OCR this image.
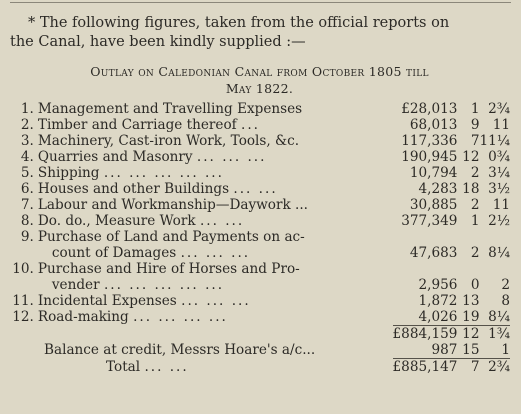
* The following figures, taken from the official reports on
the Canal, have been kindly supplied :—

Outlay on Caledonian Canal from October 1805 till
May 1822.
1.	Management and Travelling Expenses	£28,013	1	2¾
2.	Timber and Carriage thereof ...	68,013	9	11
3.	Machinery, Cast-iron Work, Tools, &c.	117,336	7	11¼
4.	Quarries and Masonry ... ... ...	190,945	12	0¾
5.	Shipping ... ... ... ... ...	10,794	2	3¼
6.	Houses and other Buildings ... ...	4,283	18	3½
7.	Labour and Workmanship—Daywork ...	30,885	2	11
8.	Do. do., Measure Work ... ...	377,349	1	2½
9.	Purchase of Land and Payments on ac-			
	count of Damages ... ... ...	47,683	2	8¼
10.	Purchase and Hire of Horses and Pro-			
	vender ... ... ... ... ...	2,956	0	2
11.	Incidental Expenses ... ... ...	1,872	13	8
12.	Road-making ... ... ... ...	4,026	19	8¼

		£884,159	12	1¾

Balance at credit, Messrs Hoare's a/c...		987	15	1

Total ... ...		£885,147	7	2¾
